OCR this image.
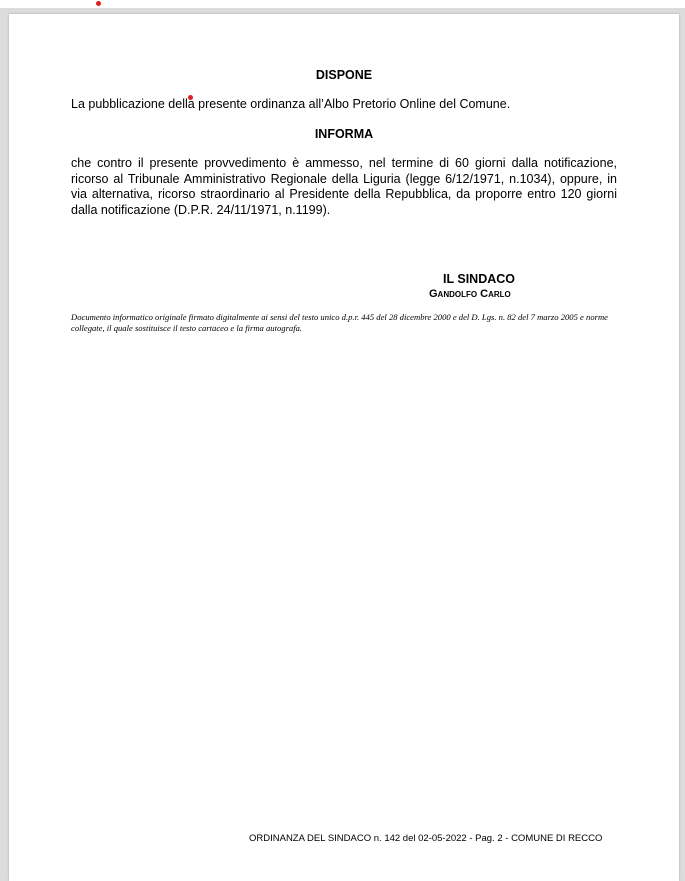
DISPONE
La pubblicazione della presente ordinanza all’Albo Pretorio Online del Comune.
INFORMA
che contro il presente provvedimento è ammesso, nel termine di 60 giorni dalla notificazione, ricorso al Tribunale Amministrativo Regionale della Liguria (legge 6/12/1971, n.1034), oppure, in via alternativa, ricorso straordinario al Presidente della Repubblica, da proporre entro 120 giorni dalla notificazione (D.P.R. 24/11/1971, n.1199).
IL SINDACO
Gandolfo Carlo
Documento informatico originale firmato digitalmente ai sensi del testo unico d.p.r. 445 del 28 dicembre 2000 e del D. Lgs. n. 82 del 7 marzo 2005 e norme collegate, il quale sostituisce il testo cartaceo e la firma autografa.
ORDINANZA DEL SINDACO n. 142 del 02-05-2022 - Pag. 2 - COMUNE DI RECCO
